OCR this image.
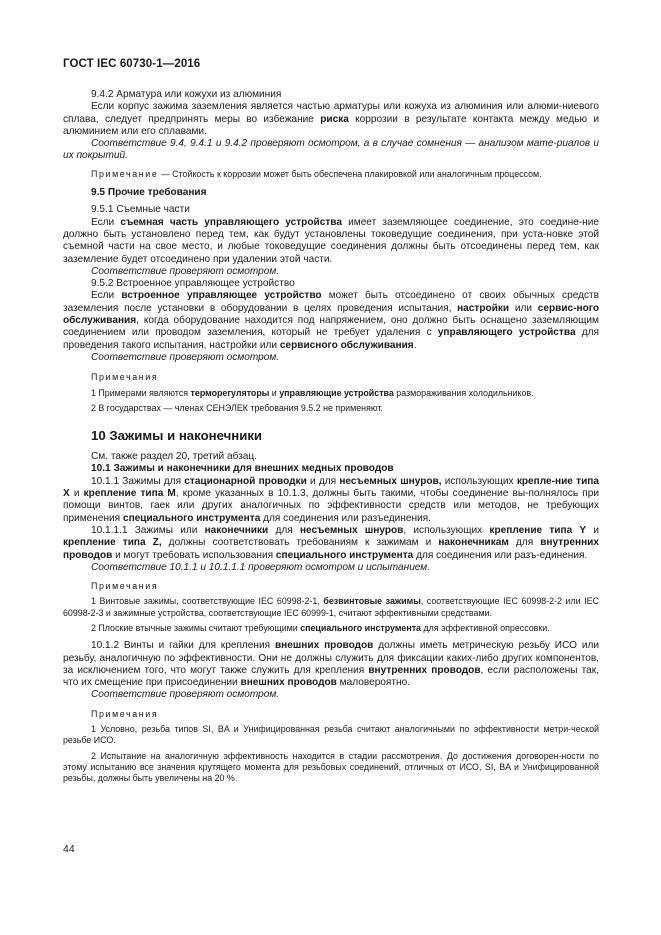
ГОСТ IEC 60730-1—2016

9.4.2 Арматура или кожухи из алюминия

Если корпус зажима заземления является частью арматуры или кожуха из алюминия или алюми-ниевого сплава, следует предпринять меры во избежание риска коррозии в результате контакта между медью и алюминием или его сплавами.

Соответствие 9.4, 9.4.1 и 9.4.2 проверяют осмотром, а в случае сомнения — анализом мате-риалов и их покрытий.

Примечание — Стойкость к коррозии может быть обеспечена плакировкой или аналогичным процессом.

9.5 Прочие требования

9.5.1 Съемные части

Если съемная часть управляющего устройства имеет заземляющее соединение, это соедине-ние должно быть установлено перед тем, как будут установлены токоведущие соединения, при уста-новке этой съемной части на свое место, и любые токоведущие соединения должны быть отсоединены перед тем, как заземление будет отсоединено при удалении этой части.

Соответствие проверяют осмотром.

9.5.2 Встроенное управляющее устройство

Если встроенное управляющее устройство может быть отсоединено от своих обычных средств заземления после установки в оборудовании в целях проведения испытания, настройки или сервис-ного обслуживания, когда оборудование находится под напряжением, оно должно быть оснащено заземляющим соединением или проводом заземления, который не требует удаления с управляющего устройства для проведения такого испытания, настройки или сервисного обслуживания.

Соответствие проверяют осмотром.

Примечания

1 Примерами являются терморегуляторы и управляющие устройства размораживания холодильников.

2 В государствах — членах СЕНЭЛЕК требования 9.5.2 не применяют.

10 Зажимы и наконечники

См. также раздел 20, третий абзац.

10.1 Зажимы и наконечники для внешних медных проводов

10.1.1 Зажимы для стационарной проводки и для несъемных шнуров, использующих крепле-ние типа X и крепление типа M, кроме указанных в 10.1.3, должны быть такими, чтобы соединение вы-полнялось при помощи винтов, гаек или других аналогичных по эффективности средств или методов, не требующих применения специального инструмента для соединения или разъединения.

10.1.1.1 Зажимы или наконечники для несъемных шнуров, использующих крепление типа Y и крепление типа Z, должны соответствовать требованиям к зажимам и наконечникам для внутренних проводов и могут требовать использования специального инструмента для соединения или разъ-единения.

Соответствие 10.1.1 и 10.1.1.1 проверяют осмотром и испытанием.

Примечания

1 Винтовые зажимы, соответствующие IEC 60998-2-1, безвинтовые зажимы, соответствующие IEC 60998-2-2 или IEC 60998-2-3 и зажимные устройства, соответствующие IEC 60999-1, считают эффективными средствами.

2 Плоские втычные зажимы считают требующими специального инструмента для эффективной опрессовки.

10.1.2 Винты и гайки для крепления внешних проводов должны иметь метрическую резьбу ИСО или резьбу, аналогичную по эффективности. Они не должны служить для фиксации каких-либо других компонентов, за исключением того, что могут также служить для крепления внутренних проводов, если расположены так, что их смещение при присоединении внешних проводов маловероятно.

Соответствие проверяют осмотром.

Примечания

1 Условно, резьба типов SI, BA и Унифицированная резьба считают аналогичными по эффективности метри-ческой резьбе ИСО.

2 Испытание на аналогичную эффективность находится в стадии рассмотрения. До достижения договорен-ности по этому испытанию все значения крутящего момента для резьбовых соединений, отличных от ИСО, SI, BA и Унифицированной резьбы, должны быть увеличены на 20 %.

44
